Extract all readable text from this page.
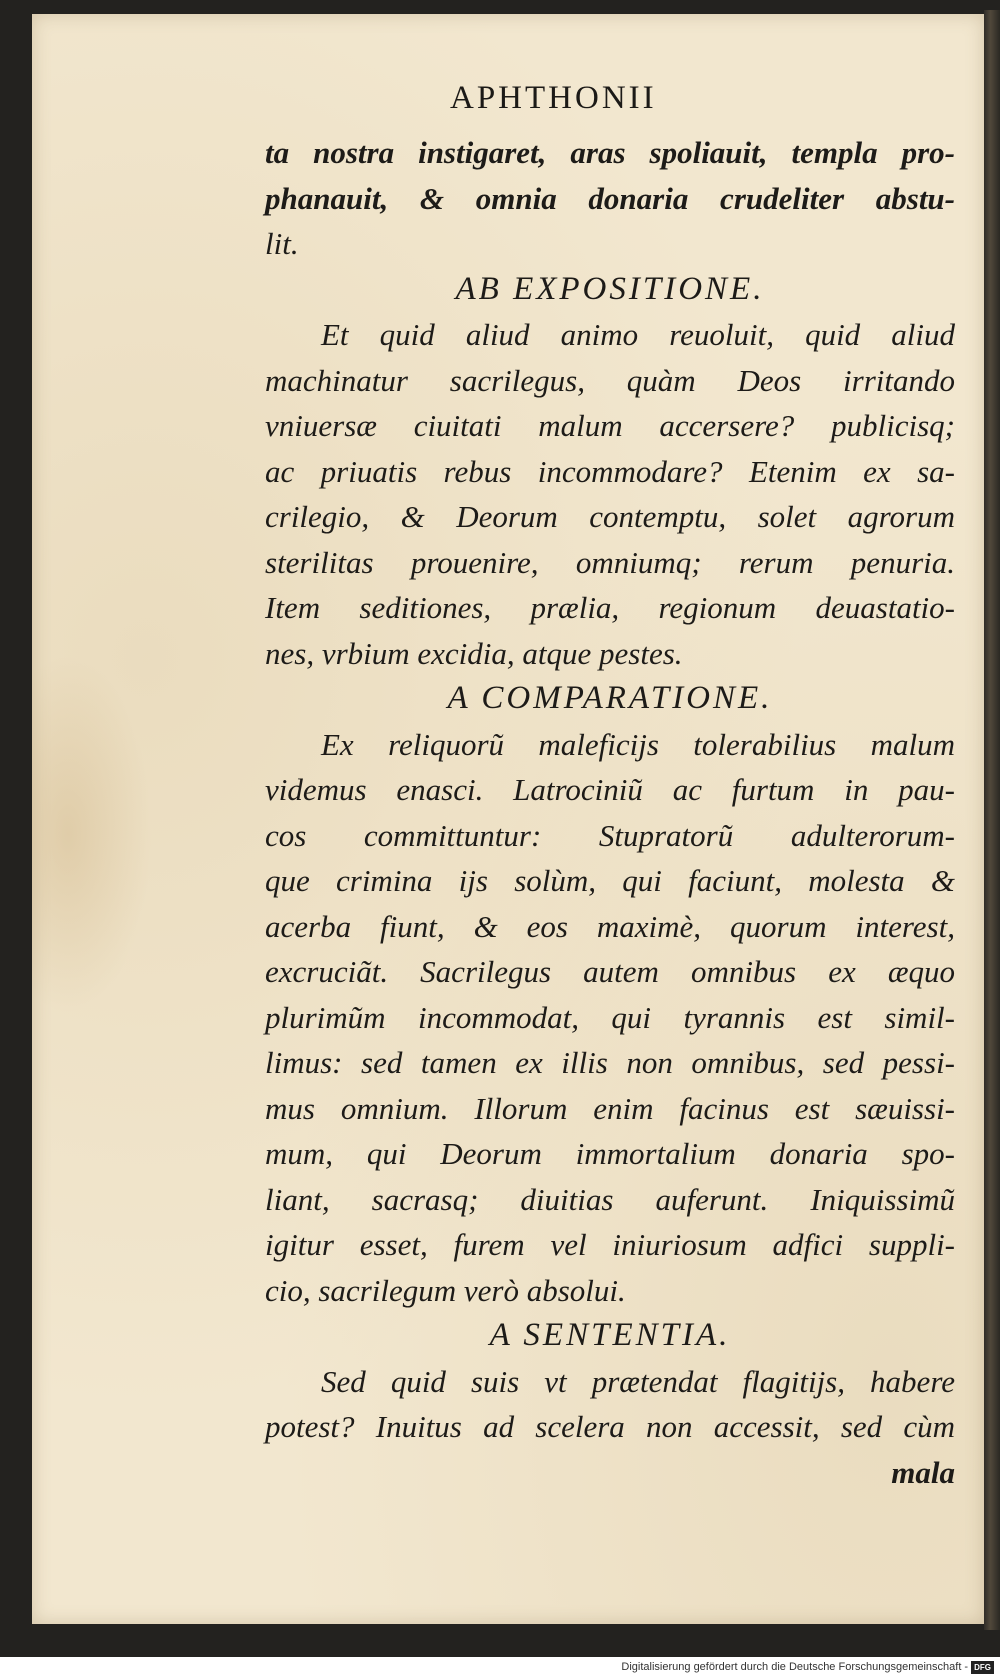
APHTHONII
ta nostra instigaret, aras spoliauit, templa pro-
phanauit, & omnia donaria crudeliter abstu-
lit.
AB EXPOSITIONE.
Et quid aliud animo reuoluit, quid aliud
machinatur sacrilegus, quàm Deos irritando
vniuersæ ciuitati malum accersere? publicisq;
ac priuatis rebus incommodare? Etenim ex sa-
crilegio, & Deorum contemptu, solet agrorum
sterilitas prouenire, omniumq; rerum penuria.
Item seditiones, prælia, regionum deuastatio-
nes, vrbium excidia, atque pestes.
A COMPARATIONE.
Ex reliquorũ maleficijs tolerabilius malum
videmus enasci. Latrociniũ ac furtum in pau-
cos committuntur: Stupratorũ adulterorum-
que crimina ijs solùm, qui faciunt, molesta &
acerba fiunt, & eos maximè, quorum interest,
excruciãt. Sacrilegus autem omnibus ex æquo
plurimũm incommodat, qui tyrannis est simil-
limus: sed tamen ex illis non omnibus, sed pessi-
mus omnium. Illorum enim facinus est sæuissi-
mum, qui Deorum immortalium donaria spo-
liant, sacrasq; diuitias auferunt. Iniquissimũ
igitur esset, furem vel iniuriosum adfici suppli-
cio, sacrilegum verò absolui.
A SENTENTIA.
Sed quid suis vt prætendat flagitijs, habere
potest? Inuitus ad scelera non accessit, sed cùm
mala
Digitalisierung gefördert durch die Deutsche Forschungsgemeinschaft - DFG
